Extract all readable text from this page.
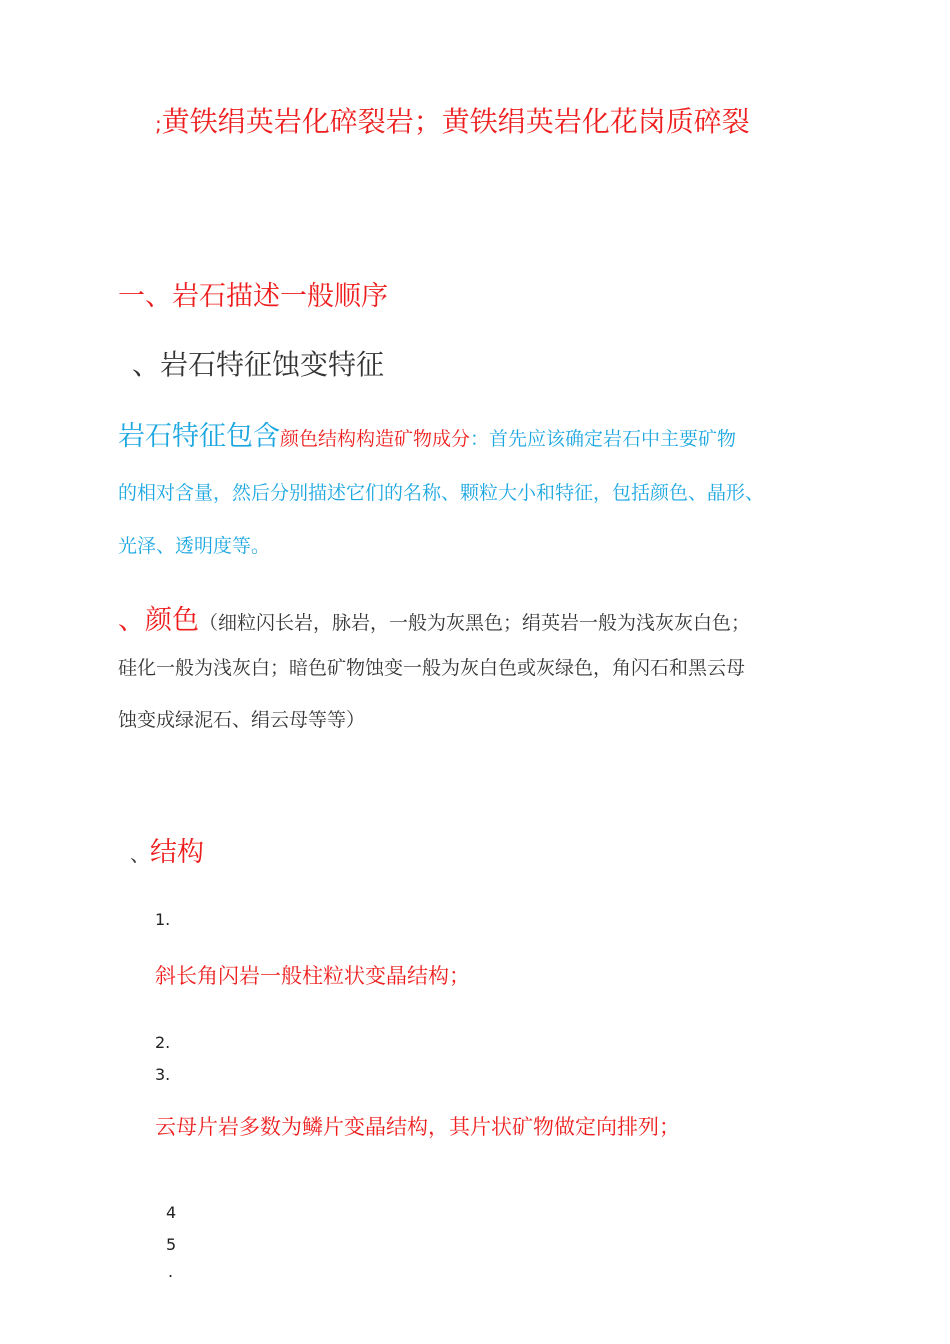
;黄铁绢英岩化碎裂岩；黄铁绢英岩化花岗质碎裂
一、岩石描述一般顺序
、岩石特征蚀变特征
岩石特征包含颜色结构构造矿物成分：首先应该确定岩石中主要矿物
的相对含量，然后分别描述它们的名称、颗粒大小和特征，包括颜色、晶形、
光泽、透明度等。
、颜色（细粒闪长岩，脉岩，一般为灰黑色；绢英岩一般为浅灰灰白色；
硅化一般为浅灰白；暗色矿物蚀变一般为灰白色或灰绿色，角闪石和黑云母
蚀变成绿泥石、绢云母等等）
、结构
1.
斜长角闪岩一般柱粒状变晶结构；
2.
3.
云母片岩多数为鳞片变晶结构，其片状矿物做定向排列；
4
5
.
